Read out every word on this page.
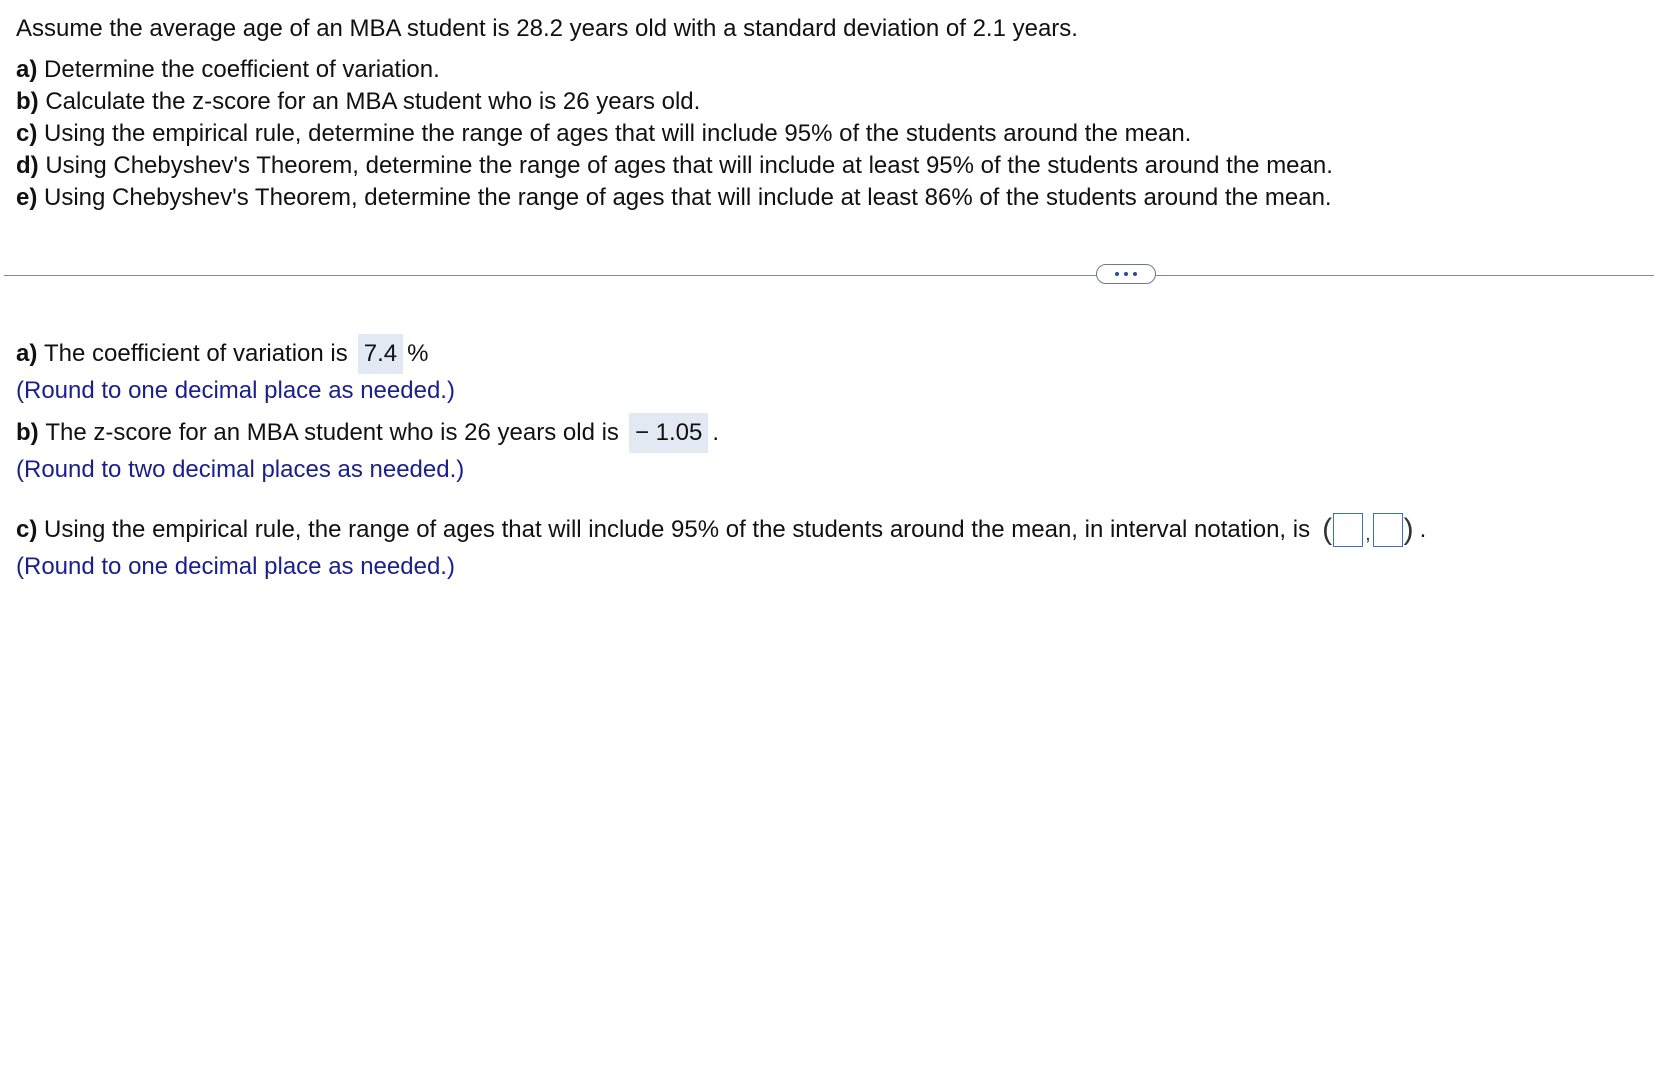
Assume the average age of an MBA student is 28.2 years old with a standard deviation of 2.1 years.
a) Determine the coefficient of variation.
b) Calculate the z-score for an MBA student who is 26 years old.
c) Using the empirical rule, determine the range of ages that will include 95% of the students around the mean.
d) Using Chebyshev's Theorem, determine the range of ages that will include at least 95% of the students around the mean.
e) Using Chebyshev's Theorem, determine the range of ages that will include at least 86% of the students around the mean.
a)
The coefficient of variation is 7.4 %
(Round to one decimal place as needed.)
b)
The z-score for an MBA student who is 26 years old is − 1.05 .
(Round to two decimal places as needed.)
c)
Using the empirical rule, the range of ages that will include 95% of the students around the mean, in interval notation, is ( , ) .
(Round to one decimal place as needed.)
